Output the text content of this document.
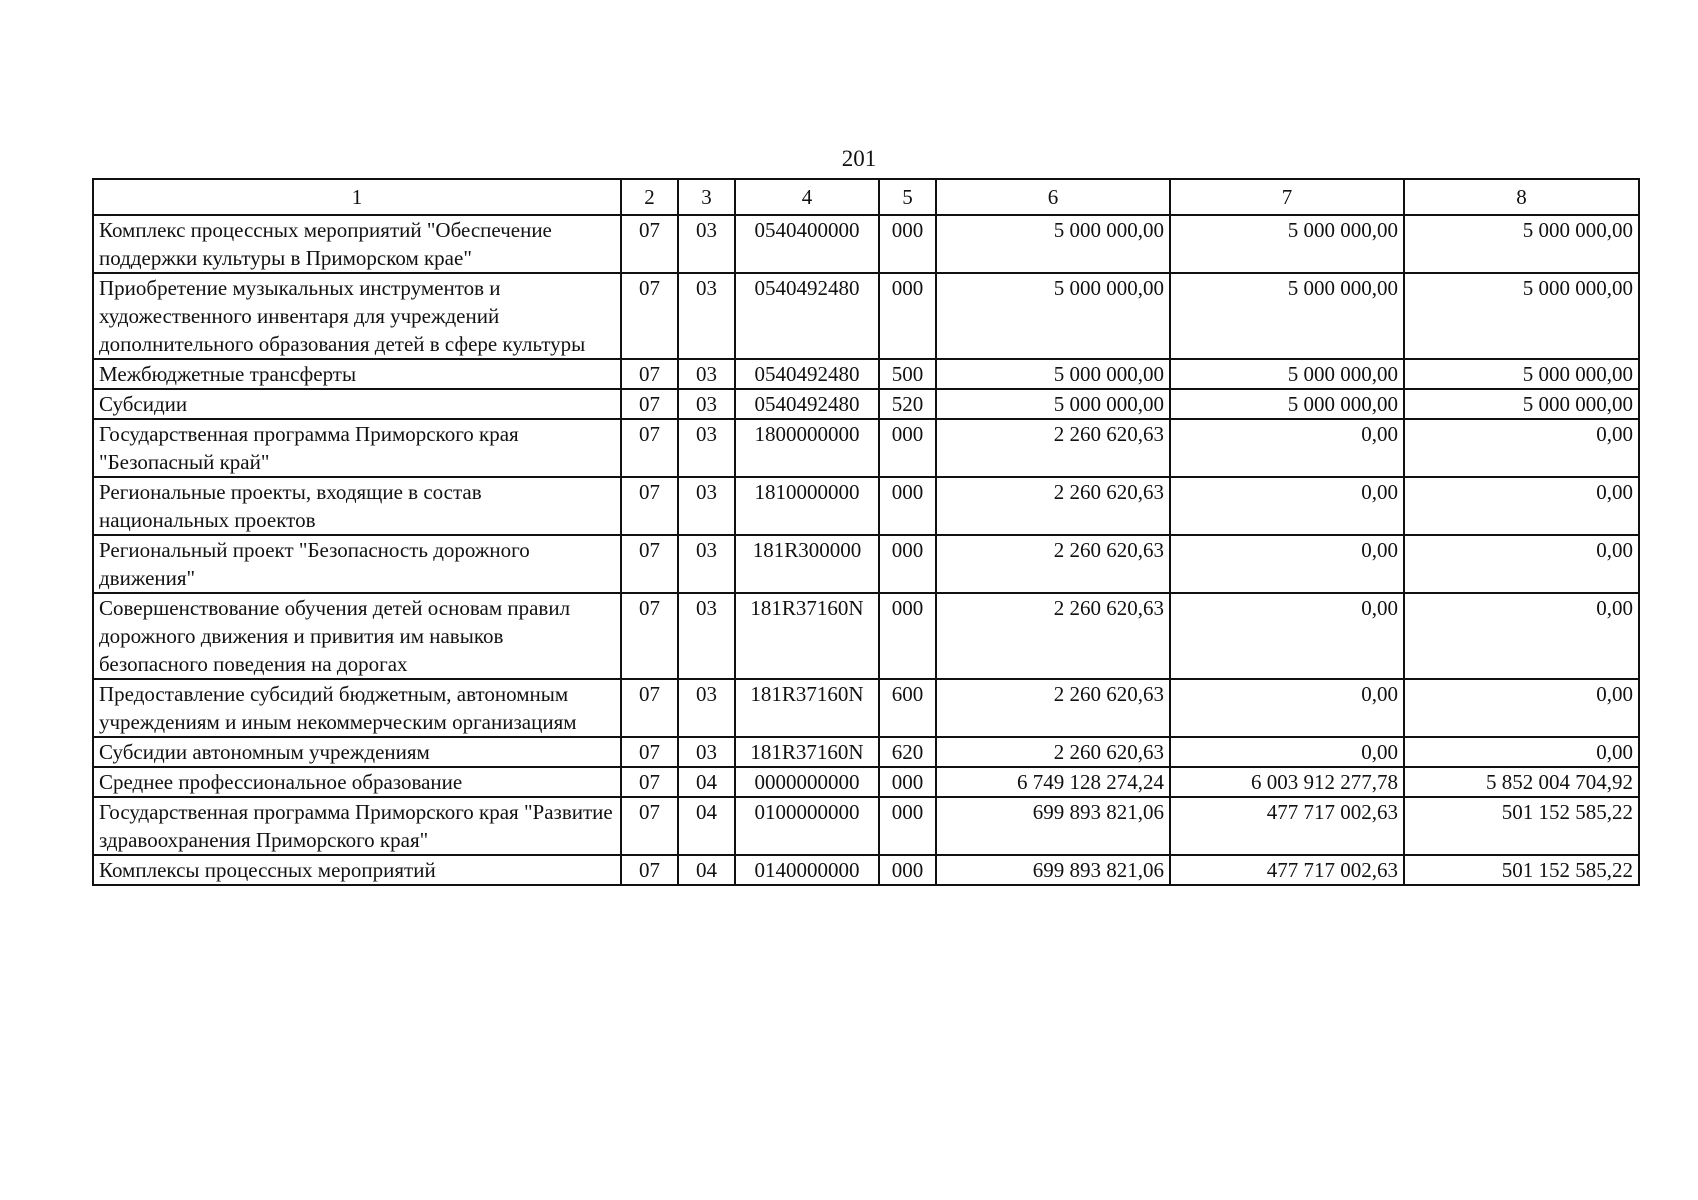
201
1	2	3	4	5	6	7	8
Комплекс процессных мероприятий "Обеспечение поддержки культуры в Приморском крае"	07	03	0540400000	000	5 000 000,00	5 000 000,00	5 000 000,00
Приобретение музыкальных инструментов и художественного инвентаря для учреждений дополнительного образования детей в сфере культуры	07	03	0540492480	000	5 000 000,00	5 000 000,00	5 000 000,00
Межбюджетные трансферты	07	03	0540492480	500	5 000 000,00	5 000 000,00	5 000 000,00
Субсидии	07	03	0540492480	520	5 000 000,00	5 000 000,00	5 000 000,00
Государственная программа Приморского края "Безопасный край"	07	03	1800000000	000	2 260 620,63	0,00	0,00
Региональные проекты, входящие в состав национальных проектов	07	03	1810000000	000	2 260 620,63	0,00	0,00
Региональный проект "Безопасность дорожного движения"	07	03	181R300000	000	2 260 620,63	0,00	0,00
Совершенствование обучения детей основам правил дорожного движения и привития им навыков безопасного поведения на дорогах	07	03	181R37160N	000	2 260 620,63	0,00	0,00
Предоставление субсидий бюджетным, автономным учреждениям и иным некоммерческим организациям	07	03	181R37160N	600	2 260 620,63	0,00	0,00
Субсидии автономным учреждениям	07	03	181R37160N	620	2 260 620,63	0,00	0,00
Среднее профессиональное образование	07	04	0000000000	000	6 749 128 274,24	6 003 912 277,78	5 852 004 704,92
Государственная программа Приморского края "Развитие здравоохранения Приморского края"	07	04	0100000000	000	699 893 821,06	477 717 002,63	501 152 585,22
Комплексы процессных мероприятий	07	04	0140000000	000	699 893 821,06	477 717 002,63	501 152 585,22
